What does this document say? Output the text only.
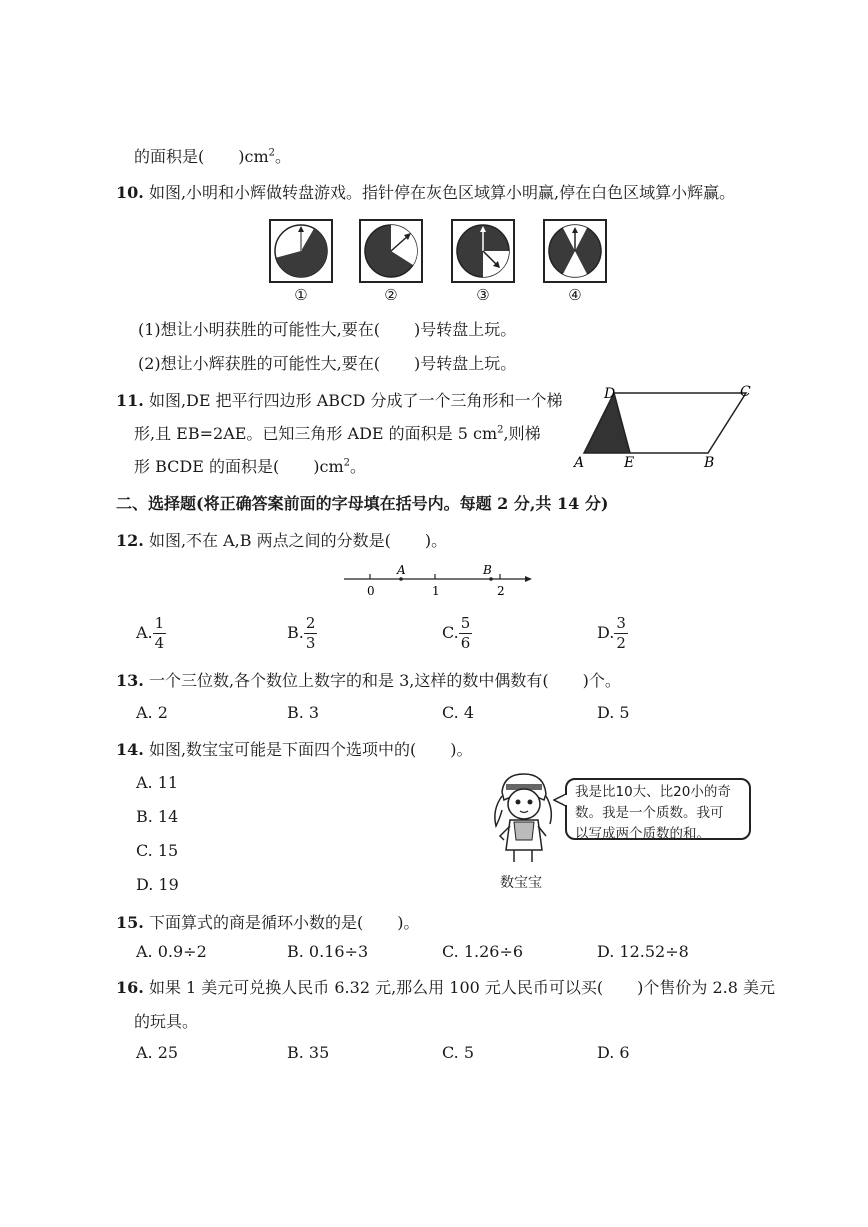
的面积是( )$cm^2$。
10. 如图,小明和小辉做转盘游戏。指针停在灰色区域算小明赢,停在白色区域算小辉赢。
①	②	③	④
(1)想让小明获胜的可能性大,要在( )号转盘上玩。
(2)想让小辉获胜的可能性大,要在( )号转盘上玩。
11. 如图,DE 把平行四边形 ABCD 分成了一个三角形和一个梯
形,且 EB=2AE。已知三角形 ADE 的面积是 5 $cm^2$,则梯
形 BCDE 的面积是( )$cm^2$。	A	E	B
D	C
二、选择题(将正确答案前面的字母填在括号内。每题 2 分,共 14 分)
12. 如图,不在 A,B 两点之间的分数是( )。
0	1	2
A	B
A. $\frac{1}{4}$	B. $\frac{2}{3}$	C. $\frac{5}{6}$	D. $\frac{3}{2}$
13. 一个三位数,各个数位上数字的和是 3,这样的数中偶数有( )个。
A. 2	B. 3	C. 4	D. 5
14. 如图,数宝宝可能是下面四个选项中的( )。
A. 11
B. 14
C. 15
D. 19	数宝宝
我是比10大、比20小的奇
数。我是一个质数。我可
以写成两个质数的和。
15. 下面算式的商是循环小数的是( )。
A. 0.9÷2	B. 0.16÷3	C. 1.26÷6	D. 12.52÷8
16. 如果 1 美元可兑换人民币 6.32 元,那么用 100 元人民币可以买( )个售价为 2.8 美元
的玩具。
A. 25	B. 35	C. 5	D. 6
